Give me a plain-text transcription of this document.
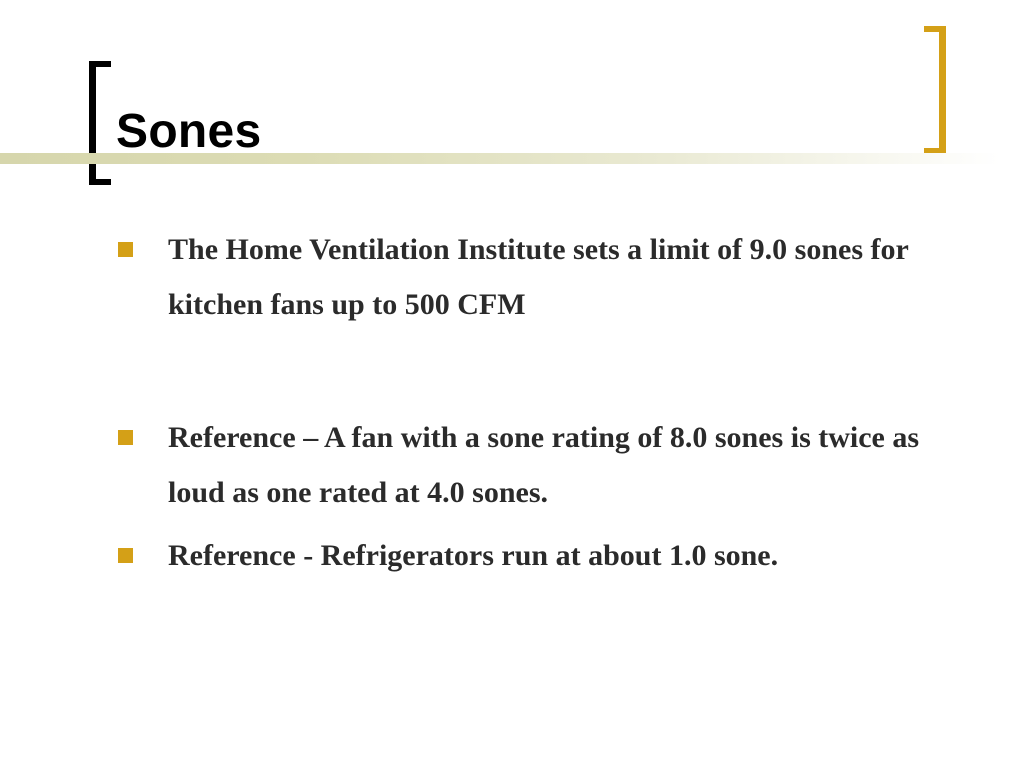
Sones
The Home Ventilation Institute sets a limit of 9.0 sones for kitchen fans up to 500 CFM
Reference – A fan with a sone rating of 8.0 sones is twice as loud as one rated at 4.0 sones.
Reference - Refrigerators run at about 1.0 sone.
